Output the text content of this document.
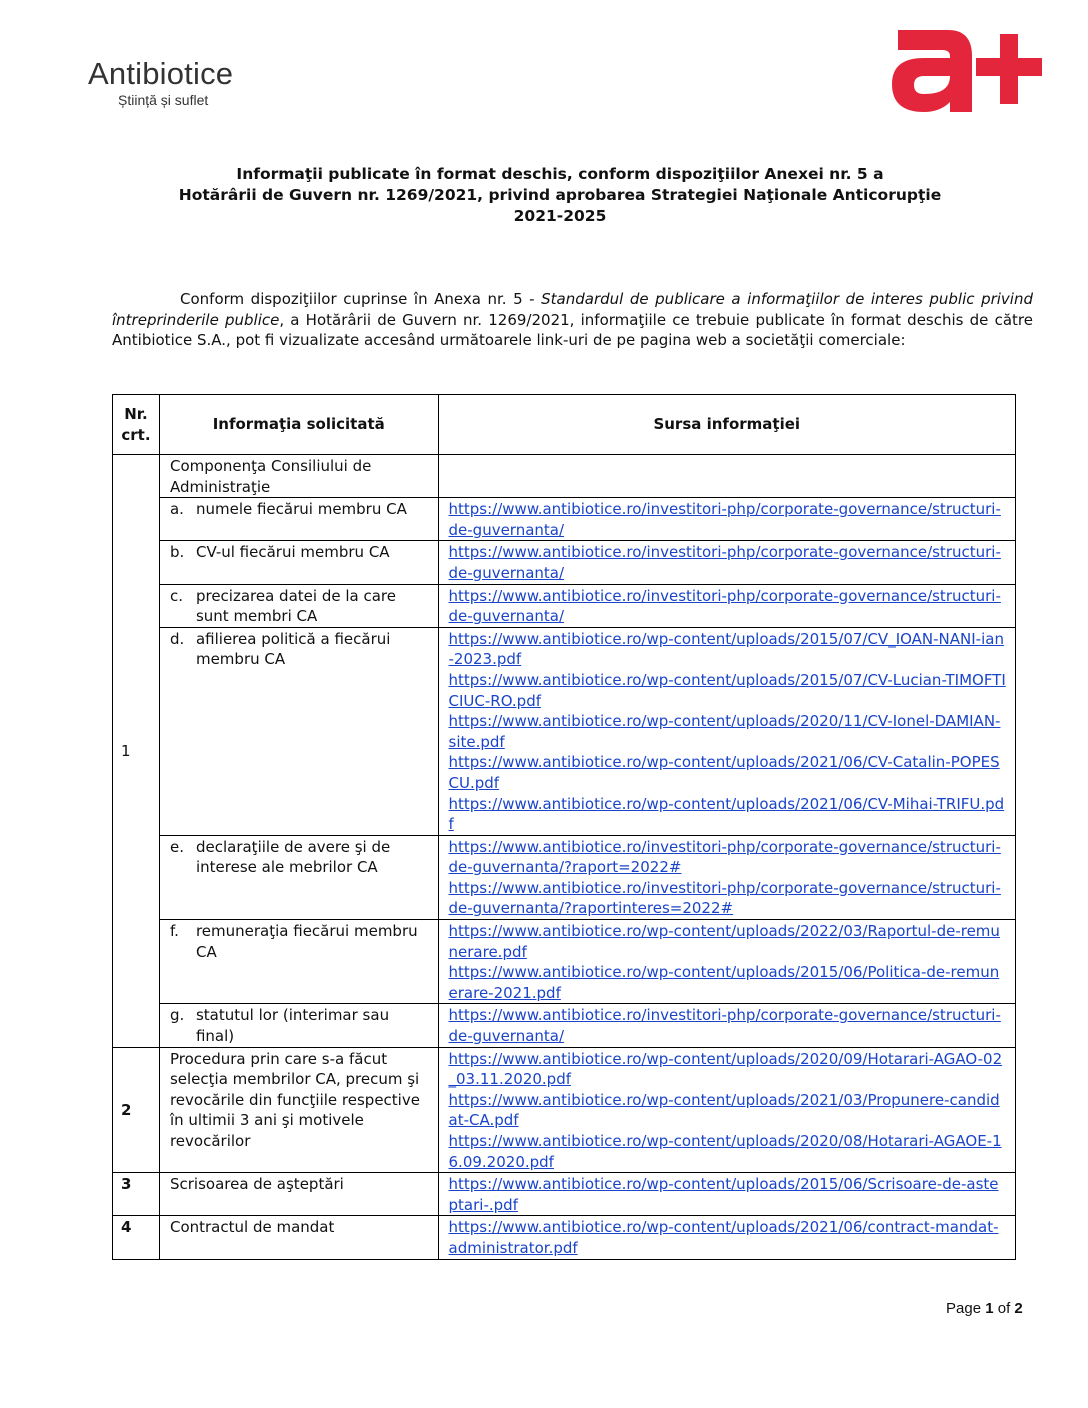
Antibiotice
Știință și suflet
Informaţii publicate în format deschis, conform dispoziţiilor Anexei nr. 5 a
Hotărârii de Guvern nr. 1269/2021, privind aprobarea Strategiei Naţionale Anticorupţie
2021-2025
Conform dispoziţiilor cuprinse în Anexa nr. 5 - Standardul de publicare a informaţiilor de interes public privind întreprinderile publice, a Hotărârii de Guvern nr. 1269/2021, informaţiile ce trebuie publicate în format deschis de către Antibiotice S.A., pot fi vizualizate accesând următoarele link-uri de pe pagina web a societăţii comerciale:
Nr. crt.	Informaţia solicitată	Sursa informaţiei
1	Componenţa Consiliului de Administraţie	

	a. numele fiecărui membru CA	https://www.antibiotice.ro/investitori-php/corporate-governance/structuri-de-guvernanta/

	b. CV-ul fiecărui membru CA	https://www.antibiotice.ro/investitori-php/corporate-governance/structuri-de-guvernanta/

	c. precizarea datei de la care sunt membri CA	https://www.antibiotice.ro/investitori-php/corporate-governance/structuri-de-guvernanta/

	d. afilierea politică a fiecărui membru CA	https://www.antibiotice.ro/wp-content/uploads/2015/07/CV_IOAN-NANI-ian-2023.pdf
https://www.antibiotice.ro/wp-content/uploads/2015/07/CV-Lucian-TIMOFTICIUC-RO.pdf
https://www.antibiotice.ro/wp-content/uploads/2020/11/CV-Ionel-DAMIAN-site.pdf
https://www.antibiotice.ro/wp-content/uploads/2021/06/CV-Catalin-POPESCU.pdf
https://www.antibiotice.ro/wp-content/uploads/2021/06/CV-Mihai-TRIFU.pdf

	e. declaraţiile de avere şi de interese ale mebrilor CA	https://www.antibiotice.ro/investitori-php/corporate-governance/structuri-de-guvernanta/?raport=2022#
https://www.antibiotice.ro/investitori-php/corporate-governance/structuri-de-guvernanta/?raportinteres=2022#

	f. remuneraţia fiecărui membru CA	https://www.antibiotice.ro/wp-content/uploads/2022/03/Raportul-de-remunerare.pdf
https://www.antibiotice.ro/wp-content/uploads/2015/06/Politica-de-remunerare-2021.pdf

	g. statutul lor (interimar sau final)	https://www.antibiotice.ro/investitori-php/corporate-governance/structuri-de-guvernanta/

2	Procedura prin care s-a făcut selecţia membrilor CA, precum şi revocările din funcţiile respective în ultimii 3 ani şi motivele revocărilor	https://www.antibiotice.ro/wp-content/uploads/2020/09/Hotarari-AGAO-02_03.11.2020.pdf
https://www.antibiotice.ro/wp-content/uploads/2021/03/Propunere-candidat-CA.pdf
https://www.antibiotice.ro/wp-content/uploads/2020/08/Hotarari-AGAOE-16.09.2020.pdf

3	Scrisoarea de aşteptări	https://www.antibiotice.ro/wp-content/uploads/2015/06/Scrisoare-de-asteptari-.pdf

4	Contractul de mandat	https://www.antibiotice.ro/wp-content/uploads/2021/06/contract-mandat-administrator.pdf
Page 1 of 2
